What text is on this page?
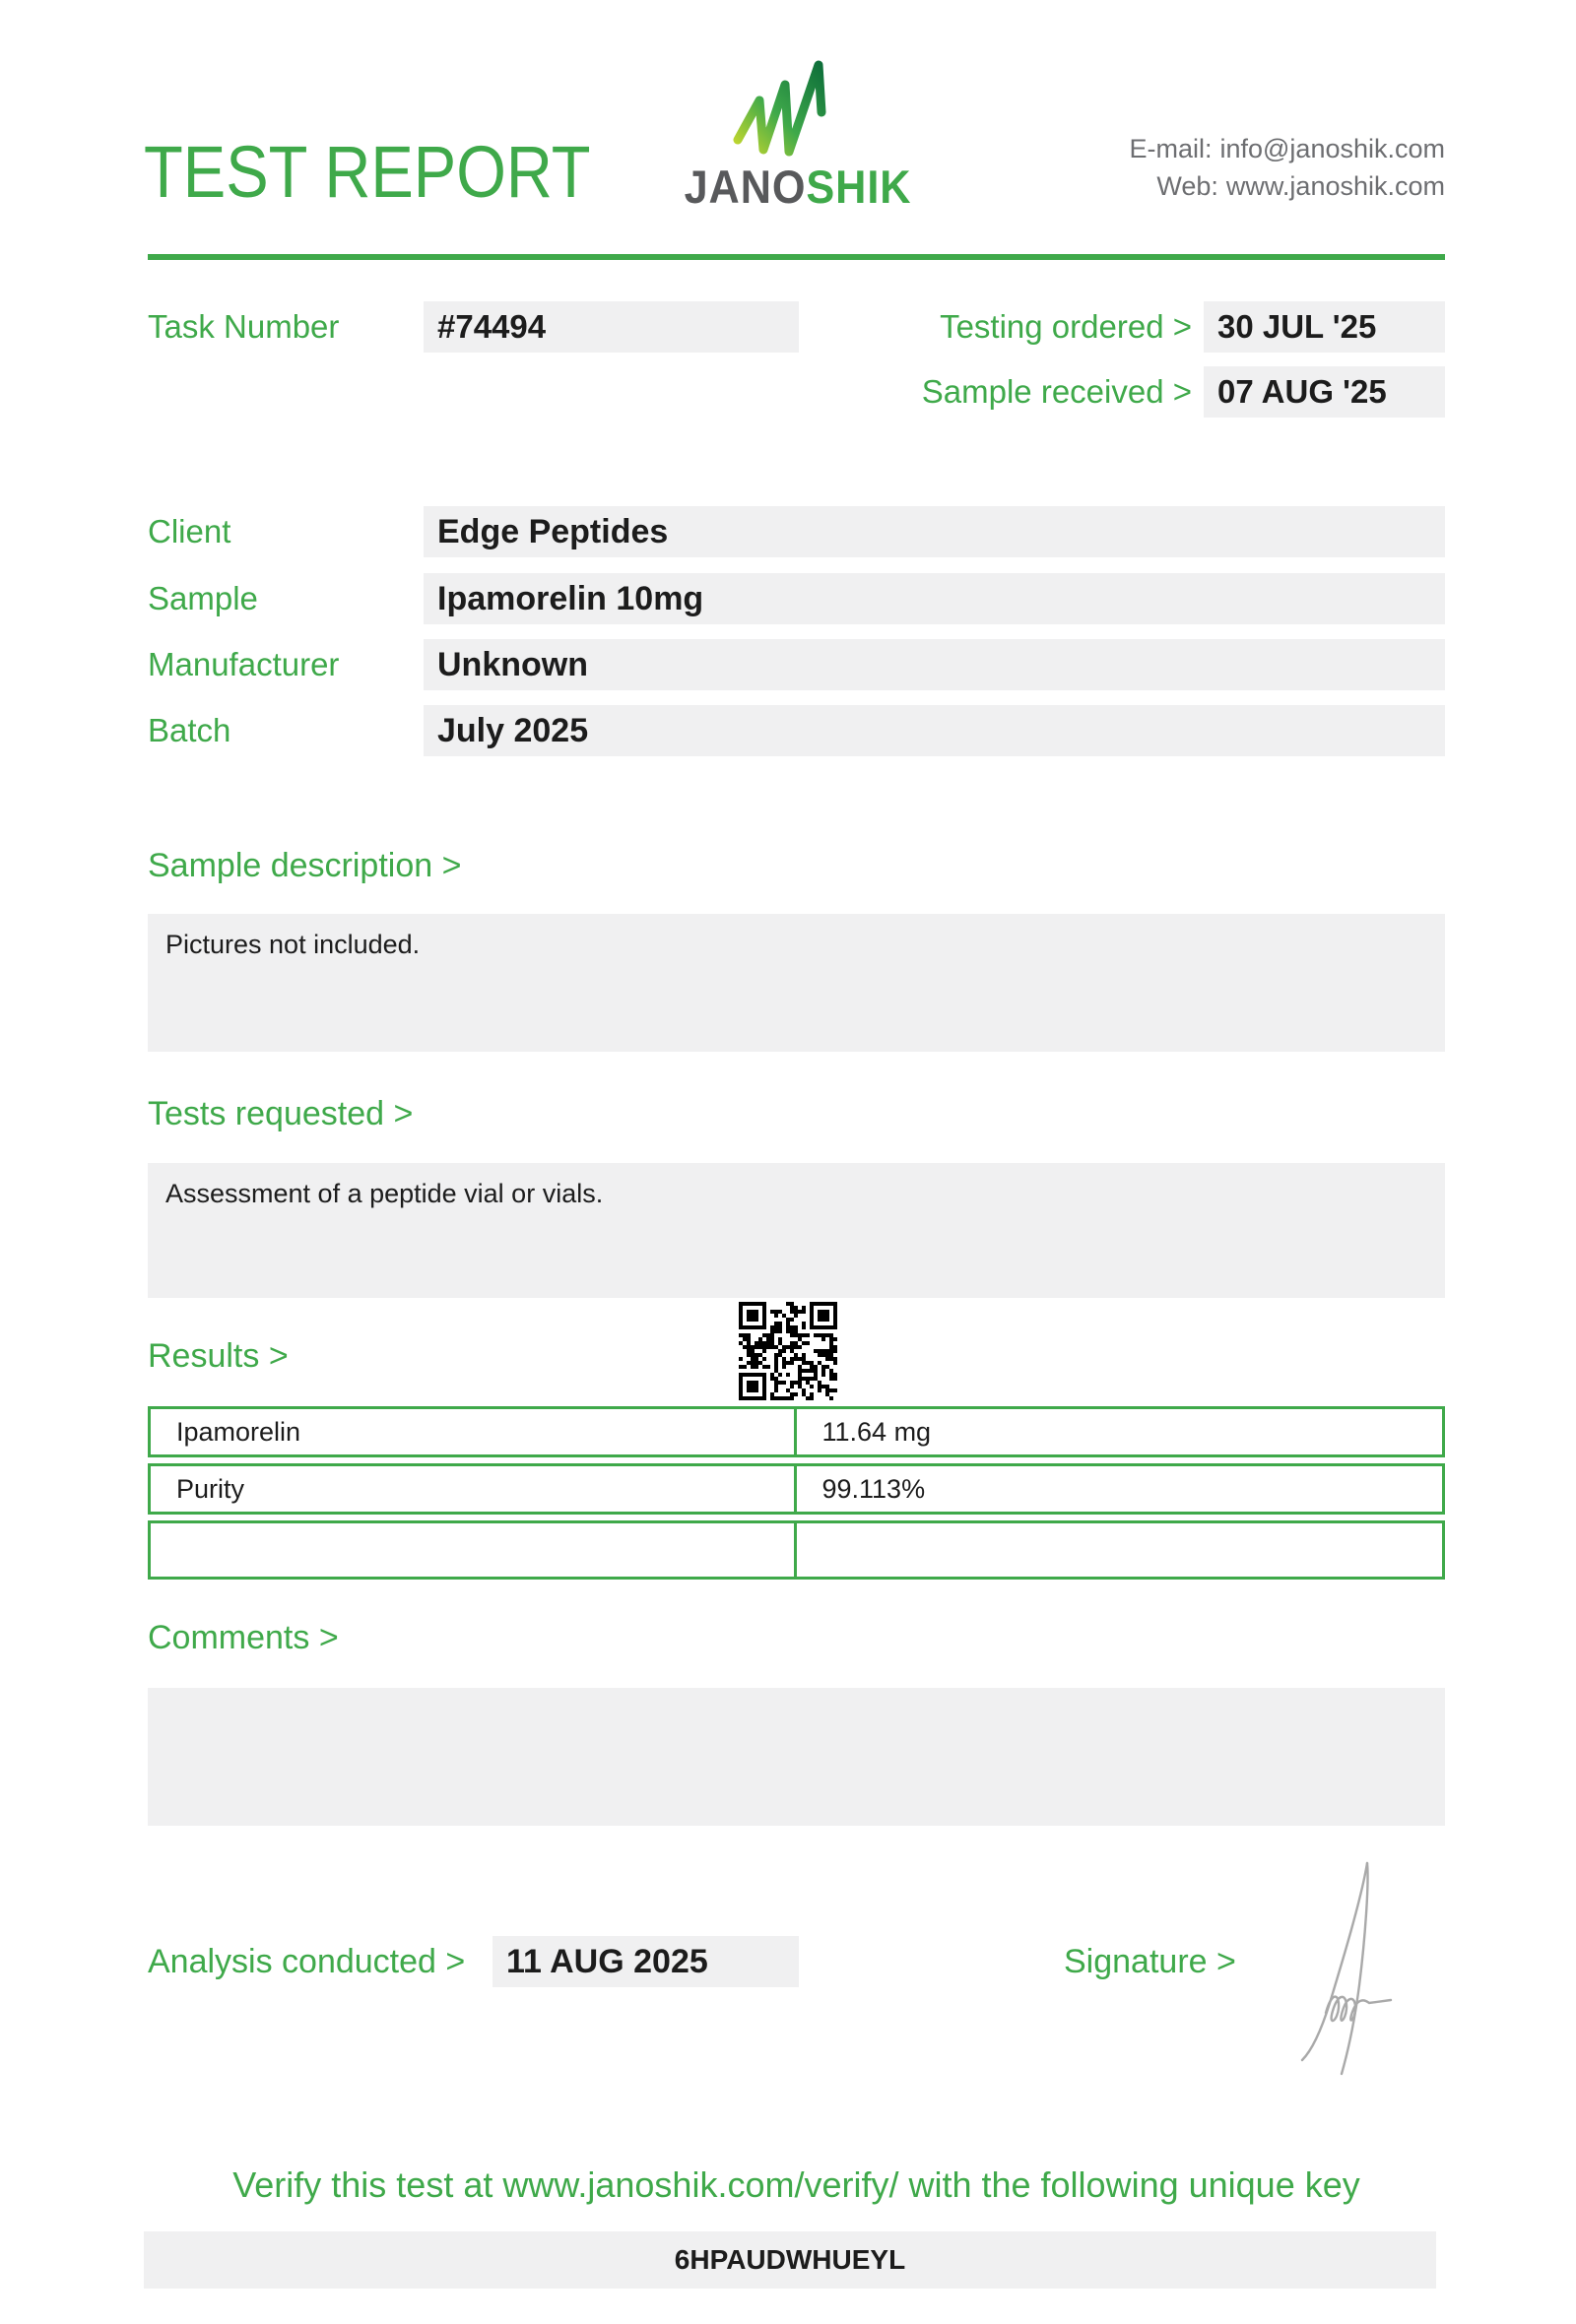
TEST REPORT	JANOSHIK
E-mail: info@janoshik.com
Web: www.janoshik.com
Task Number	#74494	Testing ordered > 30 JUL '25
Sample received > 07 AUG '25
Client	Edge Peptides
Sample	Ipamorelin 10mg
Manufacturer	Unknown
Batch	July 2025
Sample description >
Pictures not included.
Tests requested >
Assessment of a peptide vial or vials.
Results >
Ipamorelin	11.64 mg
Purity	99.113%
Comments >
Analysis conducted >	11 AUG 2025	Signature >
Verify this test at www.janoshik.com/verify/ with the following unique key
6HPAUDWHUEYL
